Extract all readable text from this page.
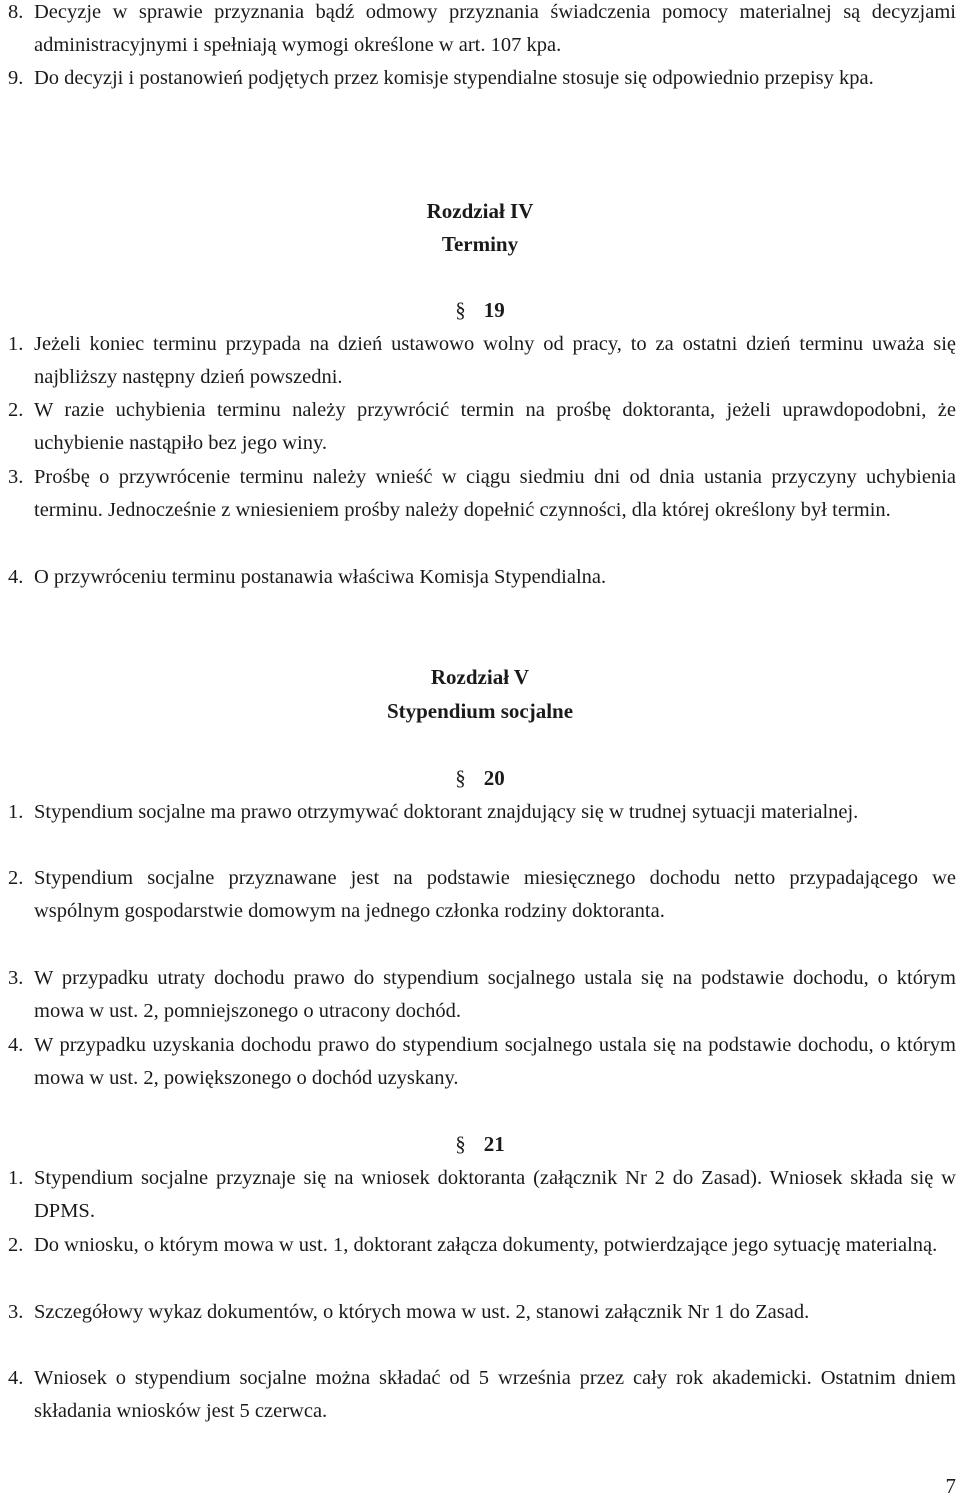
8. Decyzje w sprawie przyznania bądź odmowy przyznania świadczenia pomocy materialnej są decyzjami administracyjnymi i spełniają wymogi określone w art. 107 kpa.
9. Do decyzji i postanowień podjętych przez komisje stypendialne stosuje się odpowiednio przepisy kpa.
Rozdział IV
Terminy
§ 19
1. Jeżeli koniec terminu przypada na dzień ustawowo wolny od pracy, to za ostatni dzień terminu uważa się najbliższy następny dzień powszedni.
2. W razie uchybienia terminu należy przywrócić termin na prośbę doktoranta, jeżeli uprawdopodobni, że uchybienie nastąpiło bez jego winy.
3. Prośbę o przywrócenie terminu należy wnieść w ciągu siedmiu dni od dnia ustania przyczyny uchybienia terminu. Jednocześnie z wniesieniem prośby należy dopełnić czynności, dla której określony był termin.
4. O przywróceniu terminu postanawia właściwa Komisja Stypendialna.
Rozdział V
Stypendium socjalne
§ 20
1. Stypendium socjalne ma prawo otrzymywać doktorant znajdujący się w trudnej sytuacji materialnej.
2. Stypendium socjalne przyznawane jest na podstawie miesięcznego dochodu netto przypadającego we wspólnym gospodarstwie domowym na jednego członka rodziny doktoranta.
3. W przypadku utraty dochodu prawo do stypendium socjalnego ustala się na podstawie dochodu, o którym mowa w ust. 2, pomniejszonego o utracony dochód.
4. W przypadku uzyskania dochodu prawo do stypendium socjalnego ustala się na podstawie dochodu, o którym mowa w ust. 2, powiększonego o dochód uzyskany.
§ 21
1. Stypendium socjalne przyznaje się na wniosek doktoranta (załącznik Nr 2 do Zasad). Wniosek składa się w DPMS.
2. Do wniosku, o którym mowa w ust. 1, doktorant załącza dokumenty, potwierdzające jego sytuację materialną.
3. Szczegółowy wykaz dokumentów, o których mowa w ust. 2, stanowi załącznik Nr 1 do Zasad.
4. Wniosek o stypendium socjalne można składać od 5 września przez cały rok akademicki. Ostatnim dniem składania wniosków jest 5 czerwca.
7
